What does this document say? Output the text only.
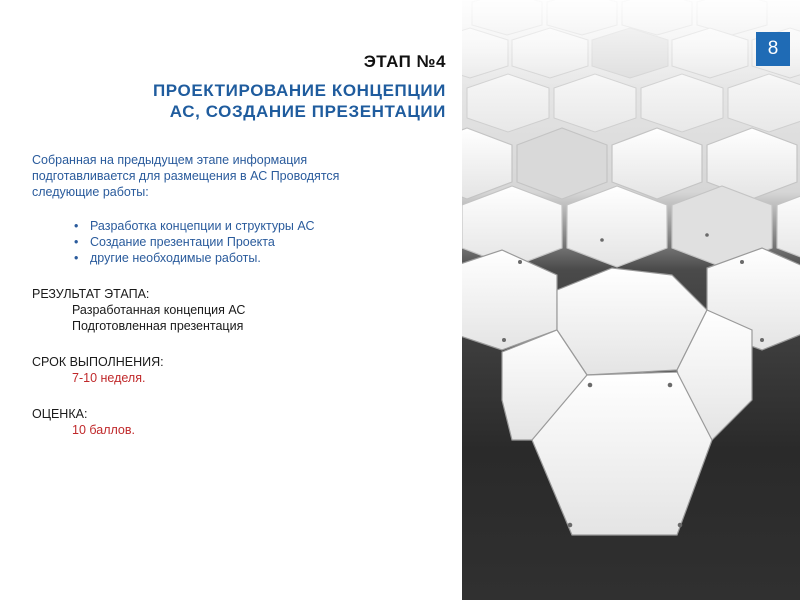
ЭТАП №4
ПРОЕКТИРОВАНИЕ КОНЦЕПЦИИ
АС, СОЗДАНИЕ ПРЕЗЕНТАЦИИ

Собранная на предыдущем этапе информация
подготавливается для размещения в АС Проводятся
следующие работы:

• Разработка концепции и структуры АС
• Создание презентации Проекта
• другие необходимые работы.
РЕЗУЛЬТАТ ЭТАПА:
Разработанная концепция АС
Подготовленная презентация
СРОК ВЫПОЛНЕНИЯ:
7-10 неделя.
ОЦЕНКА:
10 баллов.
8
